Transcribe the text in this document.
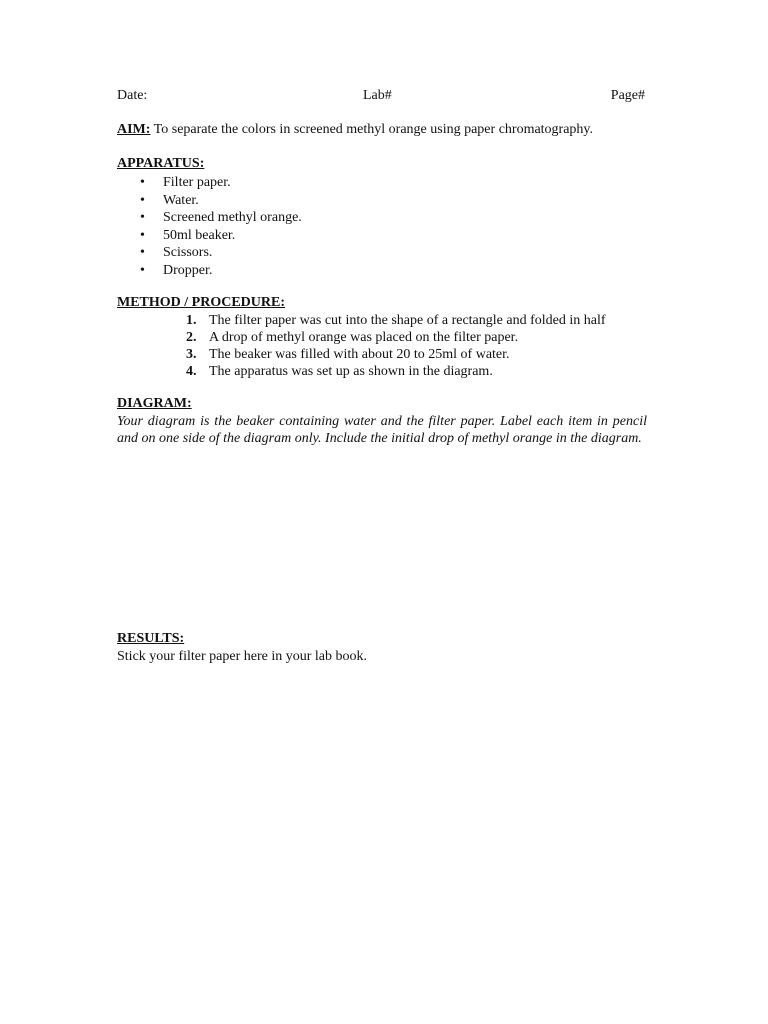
Date:	Lab#	Page#
AIM: To separate the colors in screened methyl orange using paper chromatography.
APPARATUS:
• Filter paper.
• Water.
• Screened methyl orange.
• 50ml beaker.
• Scissors.
• Dropper.
METHOD / PROCEDURE:
1. The filter paper was cut into the shape of a rectangle and folded in half
2. A drop of methyl orange was placed on the filter paper.
3. The beaker was filled with about 20 to 25ml of water.
4. The apparatus was set up as shown in the diagram.
DIAGRAM:
Your diagram is the beaker containing water and the filter paper. Label each item in pencil and on one side of the diagram only. Include the initial drop of methyl orange in the diagram.
RESULTS:
Stick your filter paper here in your lab book.
